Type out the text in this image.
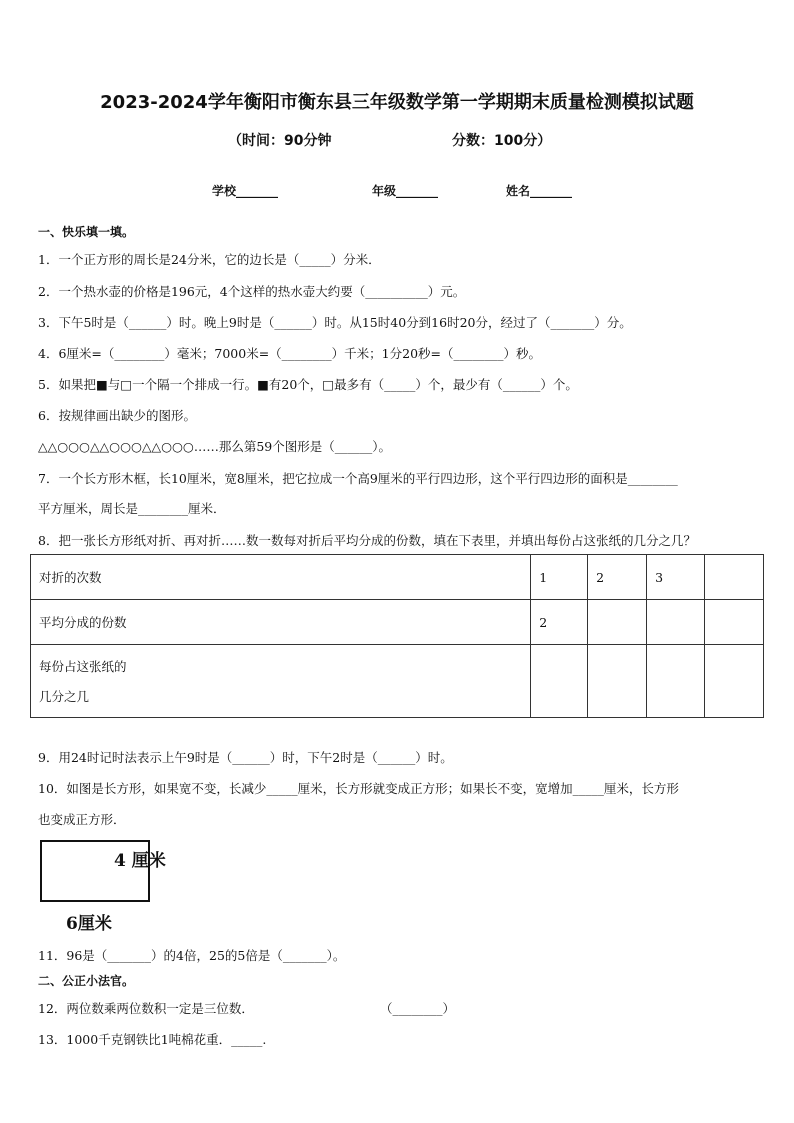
2023-2024学年衡阳市衡东县三年级数学第一学期期末质量检测模拟试题
（时间：90分钟	分数：100分）
学校_______	年级_______	姓名_______
一、快乐填一填。
1．一个正方形的周长是24分米，它的边长是（_____）分米．
2．一个热水壶的价格是196元，4个这样的热水壶大约要（__________）元。
3．下午5时是（______）时。晚上9时是（______）时。从15时40分到16时20分，经过了（_______）分。
4．6厘米=（________）毫米；7000米=（________）千米；1分20秒=（________）秒。
5．如果把■与□一个隔一个排成一行。■有20个，□最多有（_____）个，最少有（______）个。
6．按规律画出缺少的图形。
△△○○○△△○○○△△○○○……那么第59个图形是（______）。
7．一个长方形木框，长10厘米，宽8厘米，把它拉成一个高9厘米的平行四边形，这个平行四边形的面积是________
平方厘米，周长是________厘米．
8．把一张长方形纸对折、再对折……数一数每对折后平均分成的份数，填在下表里，并填出每份占这张纸的几分之几？
对折的次数	1	2	3	
平均分成的份数	2			

每份占这张纸的
几分之几				

9．用24时记时法表示上午9时是（______）时，下午2时是（______）时。
10．如图是长方形，如果宽不变，长减少_____厘米，长方形就变成正方形；如果长不变，宽增加_____厘米，长方形
也变成正方形．
4 厘米
6厘米
11．96是（_______）的4倍，25的5倍是（_______）。
二、公正小法官。
12．两位数乘两位数积一定是三位数．	（________）
13．1000千克钢铁比1吨棉花重．_____.
